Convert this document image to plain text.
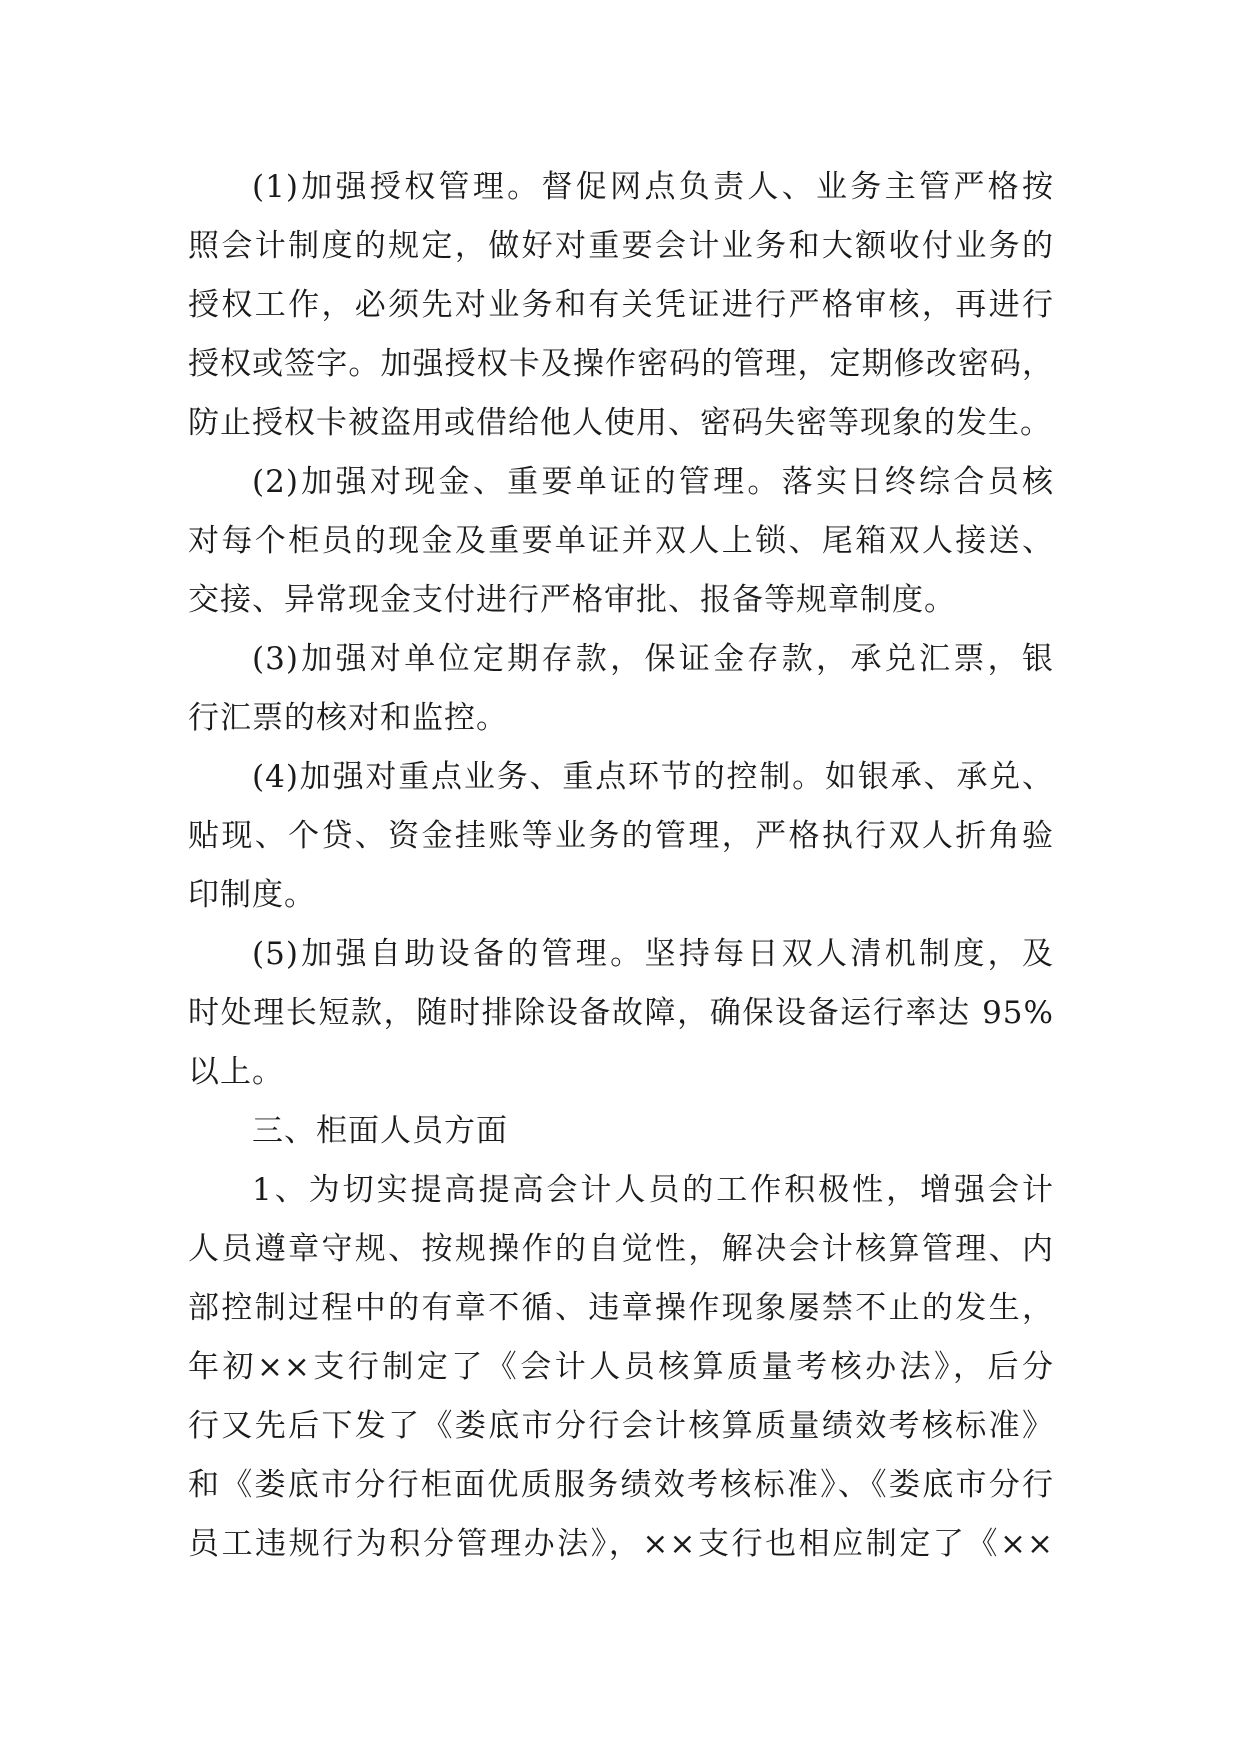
(1)加强授权管理。督促网点负责人、业务主管严格按
照会计制度的规定，做好对重要会计业务和大额收付业务的
授权工作，必须先对业务和有关凭证进行严格审核，再进行
授权或签字。加强授权卡及操作密码的管理，定期修改密码，
防止授权卡被盗用或借给他人使用、密码失密等现象的发生。
(2)加强对现金、重要单证的管理。落实日终综合员核
对每个柜员的现金及重要单证并双人上锁、尾箱双人接送、
交接、异常现金支付进行严格审批、报备等规章制度。
(3)加强对单位定期存款，保证金存款，承兑汇票，银
行汇票的核对和监控。
(4)加强对重点业务、重点环节的控制。如银承、承兑、
贴现、个贷、资金挂账等业务的管理，严格执行双人折角验
印制度。
(5)加强自助设备的管理。坚持每日双人清机制度，及
时处理长短款，随时排除设备故障，确保设备运行率达 95%
以上。
三、柜面人员方面
1、为切实提高提高会计人员的工作积极性，增强会计
人员遵章守规、按规操作的自觉性，解决会计核算管理、内
部控制过程中的有章不循、违章操作现象屡禁不止的发生，
年初××支行制定了《会计人员核算质量考核办法》，后分
行又先后下发了《娄底市分行会计核算质量绩效考核标准》
和《娄底市分行柜面优质服务绩效考核标准》、《娄底市分行
员工违规行为积分管理办法》，××支行也相应制定了《××
